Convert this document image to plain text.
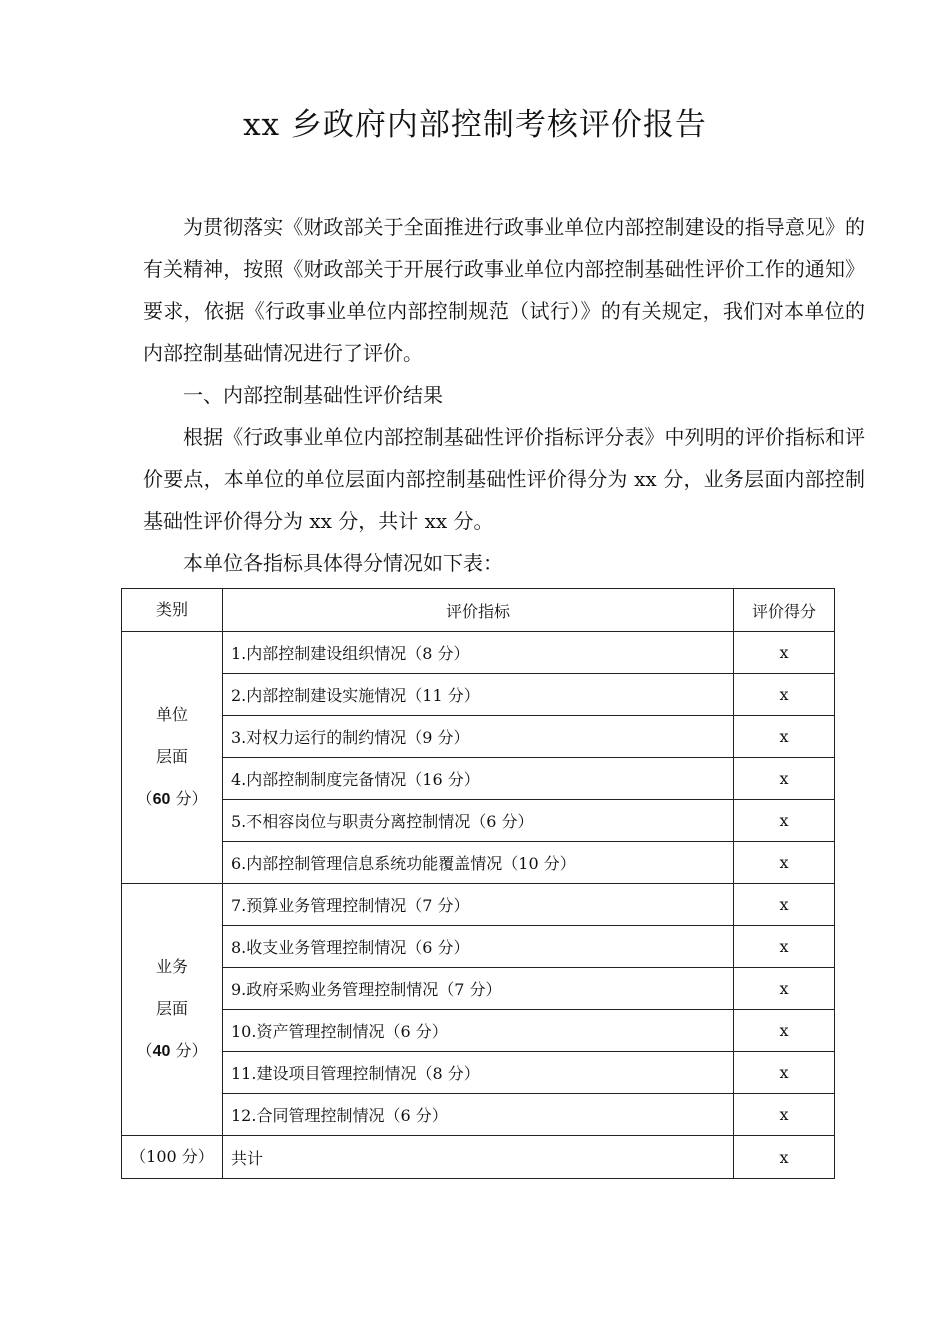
xx 乡政府内部控制考核评价报告

为贯彻落实《财政部关于全面推进行政事业单位内部控制建设的指导意见》的有关精神，按照《财政部关于开展行政事业单位内部控制基础性评价工作的通知》要求，依据《行政事业单位内部控制规范（试行）》的有关规定，我们对本单位的内部控制基础情况进行了评价。

一、内部控制基础性评价结果

根据《行政事业单位内部控制基础性评价指标评分表》中列明的评价指标和评价要点，本单位的单位层面内部控制基础性评价得分为 xx 分，业务层面内部控制基础性评价得分为 xx 分，共计 xx 分。

本单位各指标具体得分情况如下表：

类别	评价指标	评价得分

单位
层面
（60 分）	1.内部控制建设组织情况（8 分）	x
	2.内部控制建设实施情况（11 分）	x
	3.对权力运行的制约情况（9 分）	x
	4.内部控制制度完备情况（16 分）	x
	5.不相容岗位与职责分离控制情况（6 分）	x
	6.内部控制管理信息系统功能覆盖情况（10 分）	x

业务
层面
（40 分）	7.预算业务管理控制情况（7 分）	x
	8.收支业务管理控制情况（6 分）	x
	9.政府采购业务管理控制情况（7 分）	x
	10.资产管理控制情况（6 分）	x
	11.建设项目管理控制情况（8 分）	x
	12.合同管理控制情况（6 分）	x
（100 分）	共计	x
